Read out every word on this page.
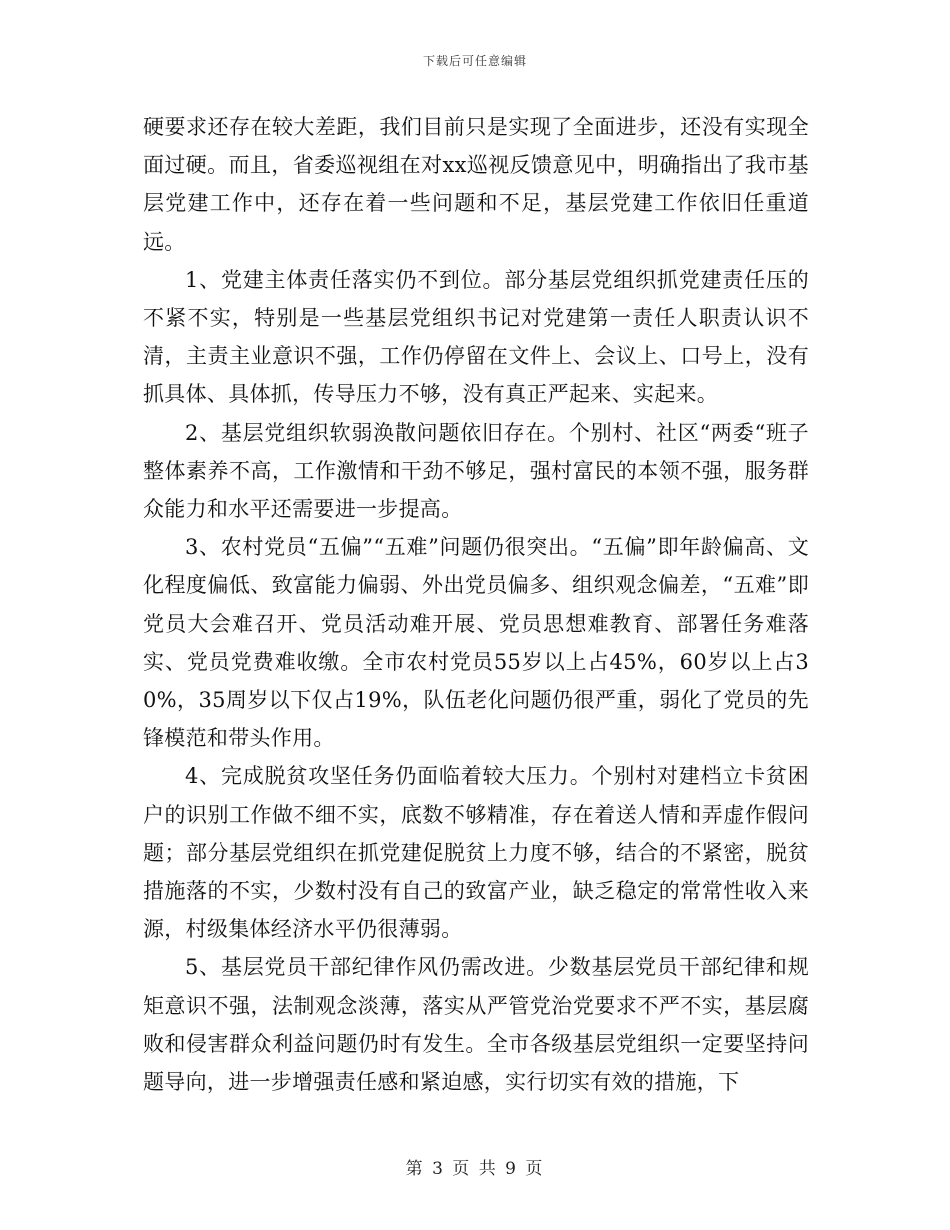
下载后可任意编辑

硬要求还存在较大差距，我们目前只是实现了全面进步，还没有实现全面过硬。而且，省委巡视组在对xx巡视反馈意见中，明确指出了我市基层党建工作中，还存在着一些问题和不足，基层党建工作依旧任重道远。

1、党建主体责任落实仍不到位。部分基层党组织抓党建责任压的不紧不实，特别是一些基层党组织书记对党建第一责任人职责认识不清，主责主业意识不强，工作仍停留在文件上、会议上、口号上，没有抓具体、具体抓，传导压力不够，没有真正严起来、实起来。

2、基层党组织软弱涣散问题依旧存在。个别村、社区“两委“班子整体素养不高，工作激情和干劲不够足，强村富民的本领不强，服务群众能力和水平还需要进一步提高。

3、农村党员“五偏”“五难”问题仍很突出。“五偏”即年龄偏高、文化程度偏低、致富能力偏弱、外出党员偏多、组织观念偏差，“五难”即党员大会难召开、党员活动难开展、党员思想难教育、部署任务难落实、党员党费难收缴。全市农村党员55岁以上占45%，60岁以上占30%，35周岁以下仅占19%，队伍老化问题仍很严重，弱化了党员的先锋模范和带头作用。

4、完成脱贫攻坚任务仍面临着较大压力。个别村对建档立卡贫困户的识别工作做不细不实，底数不够精准，存在着送人情和弄虚作假问题；部分基层党组织在抓党建促脱贫上力度不够，结合的不紧密，脱贫措施落的不实，少数村没有自己的致富产业，缺乏稳定的常常性收入来源，村级集体经济水平仍很薄弱。

5、基层党员干部纪律作风仍需改进。少数基层党员干部纪律和规矩意识不强，法制观念淡薄，落实从严管党治党要求不严不实，基层腐败和侵害群众利益问题仍时有发生。全市各级基层党组织一定要坚持问题导向，进一步增强责任感和紧迫感，实行切实有效的措施，下

第 3 页 共 9 页
